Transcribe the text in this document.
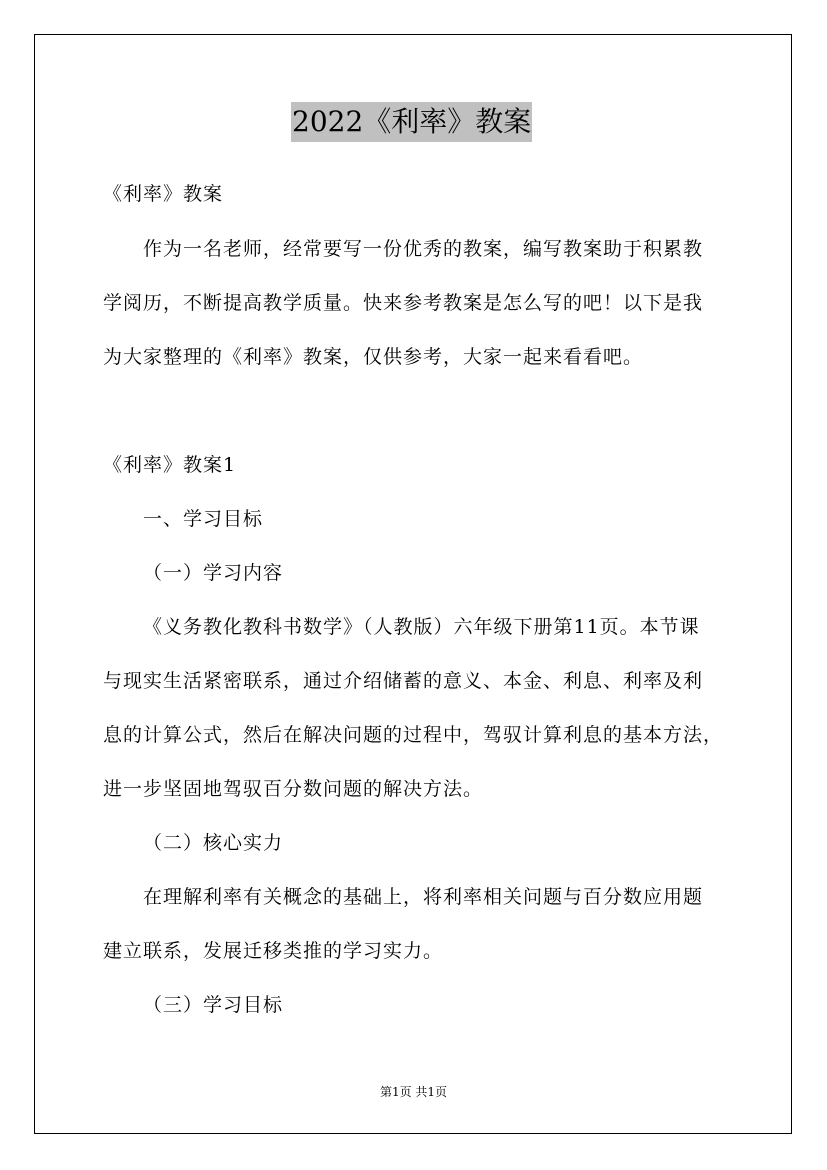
2022《利率》教案
《利率》教案
作为一名老师，经常要写一份优秀的教案，编写教案助于积累教
学阅历，不断提高教学质量。快来参考教案是怎么写的吧！以下是我
为大家整理的《利率》教案，仅供参考，大家一起来看看吧。
《利率》教案1
一、学习目标
（一）学习内容
《义务教化教科书数学》（人教版）六年级下册第11页。本节课
与现实生活紧密联系，通过介绍储蓄的意义、本金、利息、利率及利
息的计算公式，然后在解决问题的过程中，驾驭计算利息的基本方法，
进一步坚固地驾驭百分数问题的解决方法。
（二）核心实力
在理解利率有关概念的基础上，将利率相关问题与百分数应用题
建立联系，发展迁移类推的学习实力。
（三）学习目标
第1页 共1页
